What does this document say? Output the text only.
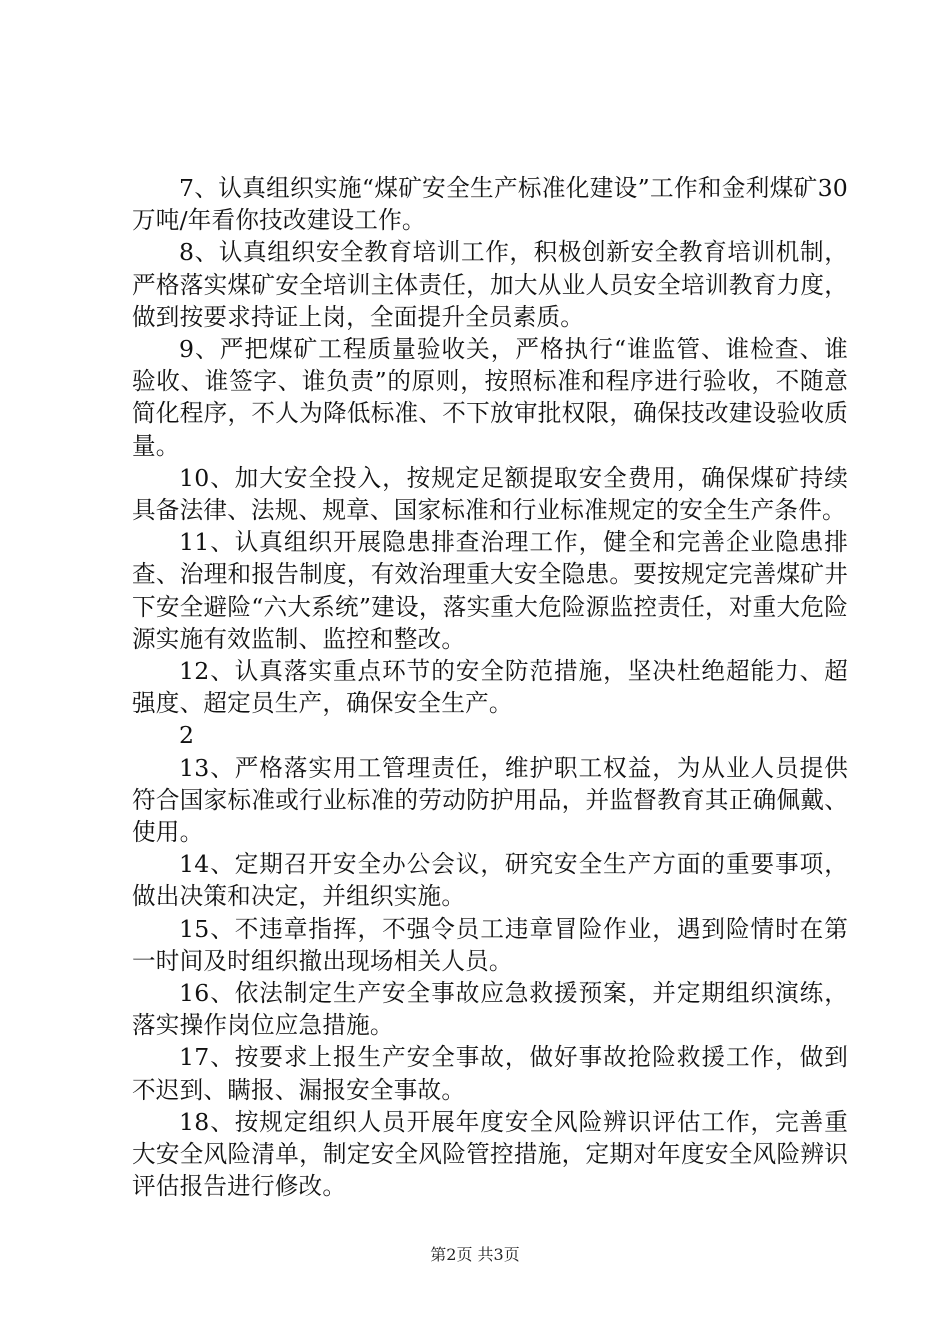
7、认真组织实施“煤矿安全生产标准化建设”工作和金利煤矿30万吨/年看你技改建设工作。

8、认真组织安全教育培训工作，积极创新安全教育培训机制，严格落实煤矿安全培训主体责任，加大从业人员安全培训教育力度，做到按要求持证上岗，全面提升全员素质。

9、严把煤矿工程质量验收关，严格执行“谁监管、谁检查、谁验收、谁签字、谁负责”的原则，按照标准和程序进行验收，不随意简化程序，不人为降低标准、不下放审批权限，确保技改建设验收质量。

10、加大安全投入，按规定足额提取安全费用，确保煤矿持续具备法律、法规、规章、国家标准和行业标准规定的安全生产条件。

11、认真组织开展隐患排查治理工作，健全和完善企业隐患排查、治理和报告制度，有效治理重大安全隐患。要按规定完善煤矿井下安全避险“六大系统”建设，落实重大危险源监控责任，对重大危险源实施有效监制、监控和整改。

12、认真落实重点环节的安全防范措施，坚决杜绝超能力、超强度、超定员生产，确保安全生产。

2

13、严格落实用工管理责任，维护职工权益，为从业人员提供符合国家标准或行业标准的劳动防护用品，并监督教育其正确佩戴、使用。

14、定期召开安全办公会议，研究安全生产方面的重要事项，做出决策和决定，并组织实施。

15、不违章指挥，不强令员工违章冒险作业，遇到险情时在第一时间及时组织撤出现场相关人员。

16、依法制定生产安全事故应急救援预案，并定期组织演练，落实操作岗位应急措施。

17、按要求上报生产安全事故，做好事故抢险救援工作，做到不迟到、瞒报、漏报安全事故。

18、按规定组织人员开展年度安全风险辨识评估工作，完善重大安全风险清单，制定安全风险管控措施，定期对年度安全风险辨识评估报告进行修改。

第2页 共3页
